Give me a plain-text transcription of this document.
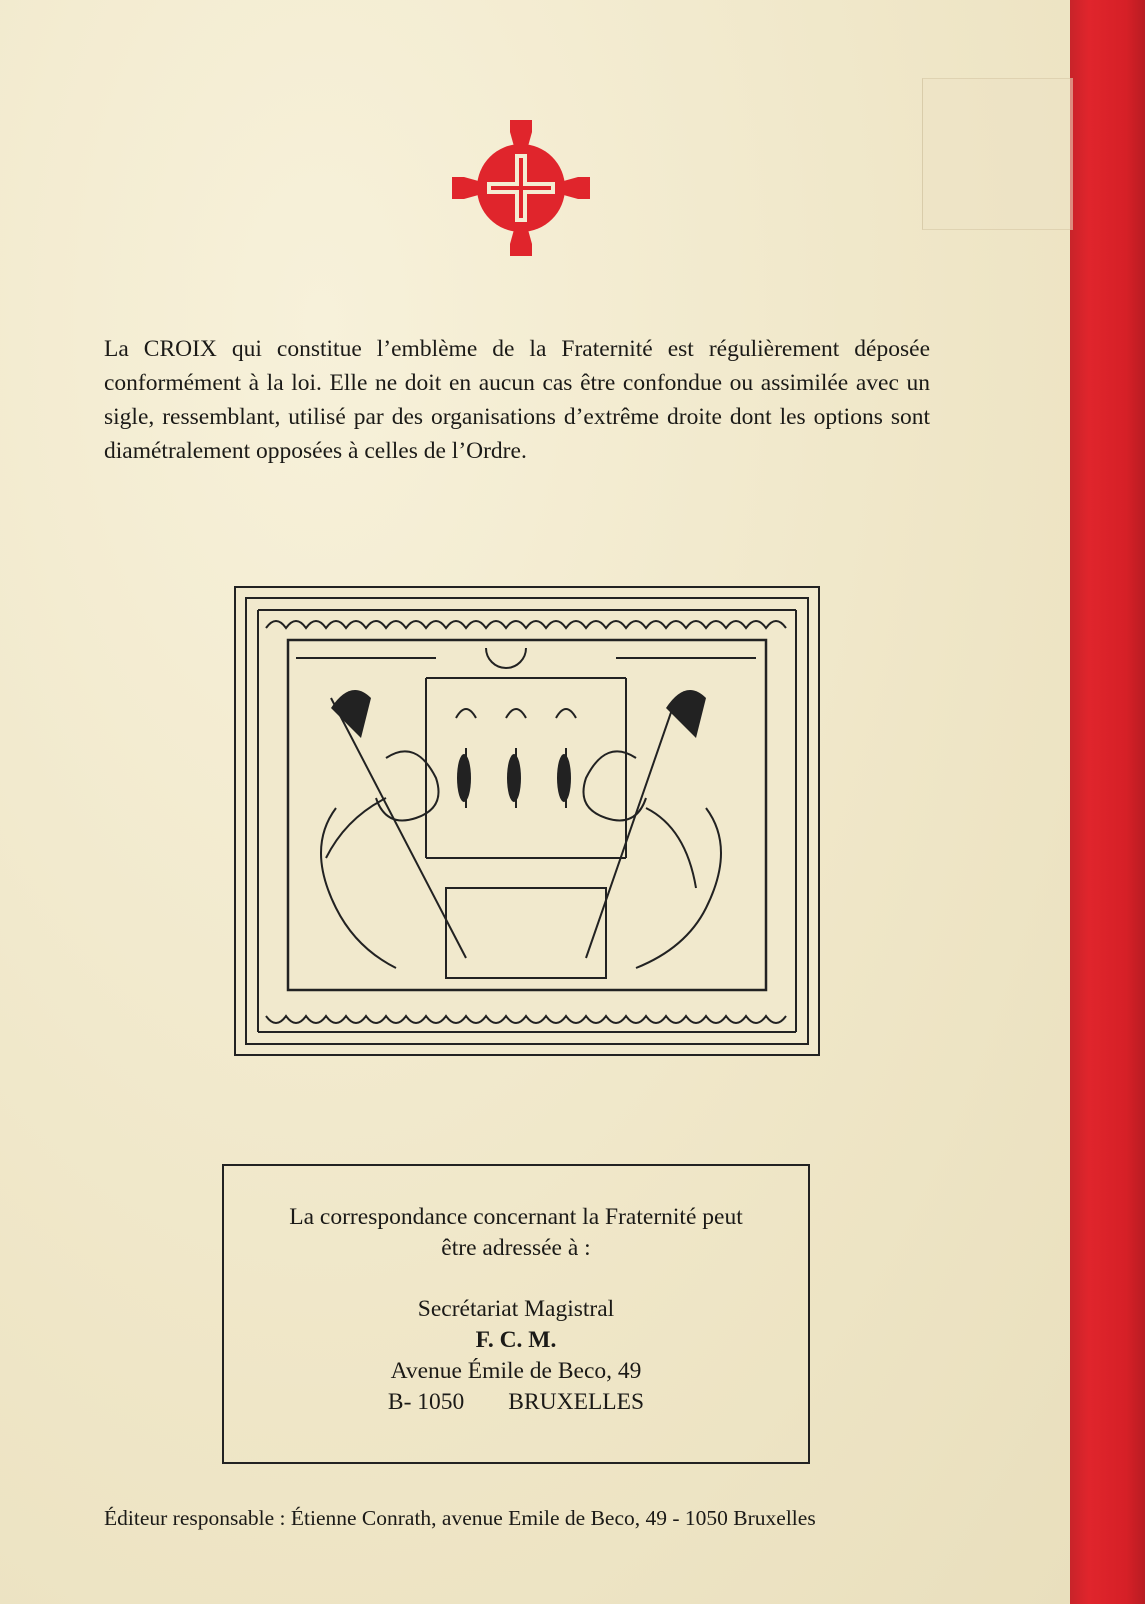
La CROIX qui constitue l’emblème de la Fraternité est régulièrement déposée conformément à la loi. Elle ne doit en aucun cas être confondue ou assimilée avec un sigle, ressemblant, utilisé par des organisations d’extrême droite dont les options sont diamétralement opposées à celles de l’Ordre.

La correspondance concernant la Fraternité peut
être adressée à :
Secrétariat Magistral
F. C. M.
Avenue Émile de Beco, 49
B- 1050 BRUXELLES
Éditeur responsable : Étienne Conrath, avenue Emile de Beco, 49 - 1050 Bruxelles
